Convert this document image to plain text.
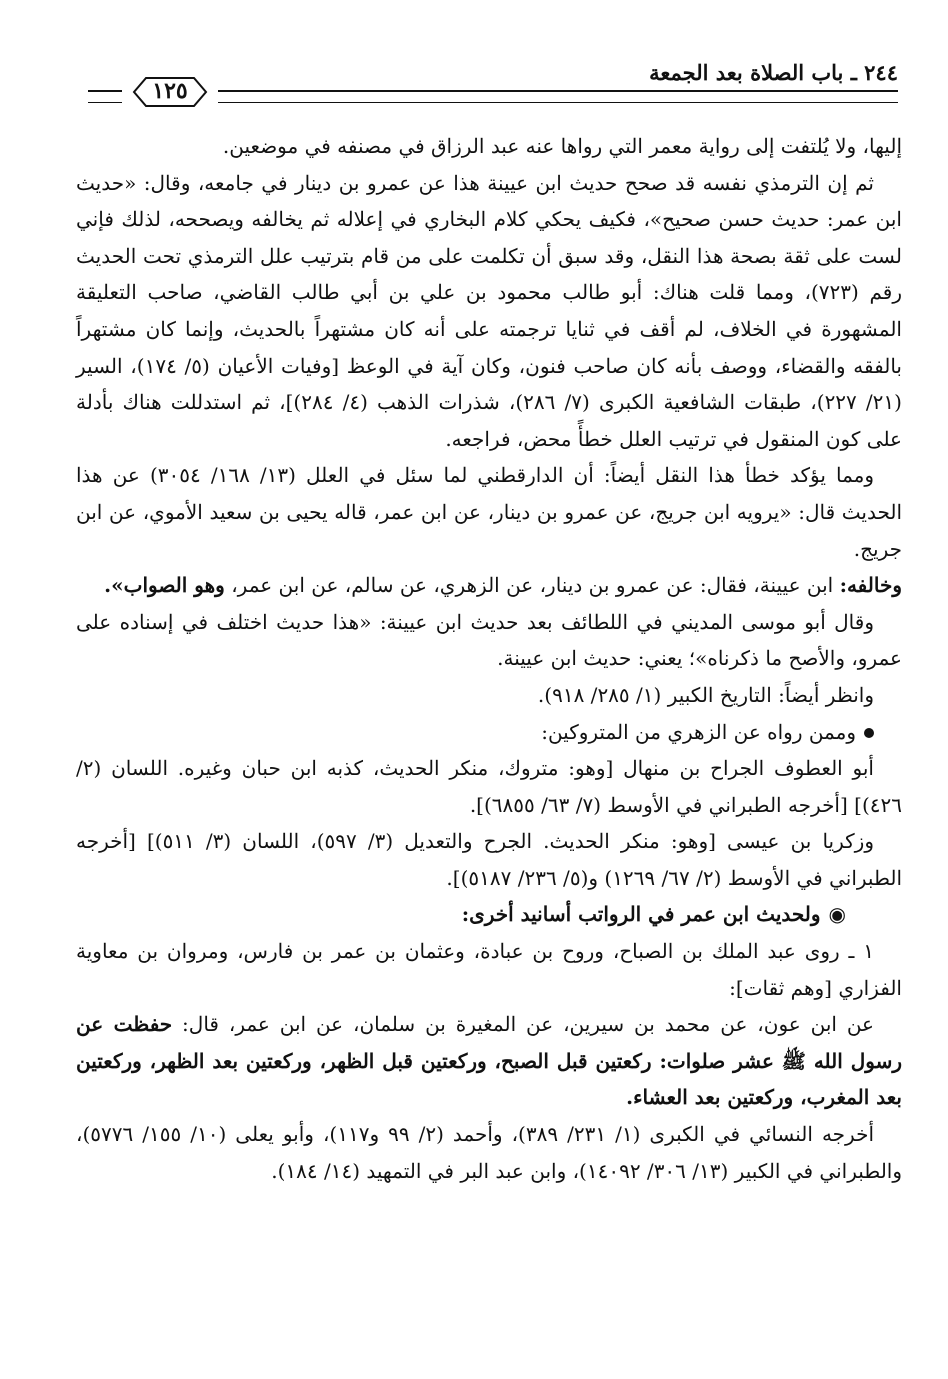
٢٤٤ ـ باب الصلاة بعد الجمعة
١٢٥

إليها، ولا يُلتفت إلى رواية معمر التي رواها عنه عبد الرزاق في مصنفه في موضعين.

ثم إن الترمذي نفسه قد صحح حديث ابن عيينة هذا عن عمرو بن دينار في جامعه، وقال: «حديث ابن عمر: حديث حسن صحيح»، فكيف يحكي كلام البخاري في إعلاله ثم يخالفه ويصححه، لذلك فإني لست على ثقة بصحة هذا النقل، وقد سبق أن تكلمت على من قام بترتيب علل الترمذي تحت الحديث رقم (٧٢٣)، ومما قلت هناك: أبو طالب محمود بن علي بن أبي طالب القاضي، صاحب التعليقة المشهورة في الخلاف، لم أقف في ثنايا ترجمته على أنه كان مشتهراً بالحديث، وإنما كان مشتهراً بالفقه والقضاء، ووصف بأنه كان صاحب فنون، وكان آية في الوعظ [وفيات الأعيان (٥/ ١٧٤)، السير (٢١/ ٢٢٧)، طبقات الشافعية الكبرى (٧/ ٢٨٦)، شذرات الذهب (٤/ ٢٨٤)]، ثم استدللت هناك بأدلة على كون المنقول في ترتيب العلل خطأً محض، فراجعه.

ومما يؤكد خطأ هذا النقل أيضاً: أن الدارقطني لما سئل في العلل (١٣/ ١٦٨/ ٣٠٥٤) عن هذا الحديث قال: «يرويه ابن جريج، عن عمرو بن دينار، عن ابن عمر، قاله يحيى بن سعيد الأموي، عن ابن جريج.

وخالفه: ابن عيينة، فقال: عن عمرو بن دينار، عن الزهري، عن سالم، عن ابن عمر، وهو الصواب».

وقال أبو موسى المديني في اللطائف بعد حديث ابن عيينة: «هذا حديث اختلف في إسناده على عمرو، والأصح ما ذكرناه»؛ يعني: حديث ابن عيينة.

وانظر أيضاً: التاريخ الكبير (١/ ٢٨٥/ ٩١٨).

وممن رواه عن الزهري من المتروكين:

أبو العطوف الجراح بن منهال [وهو: متروك، منكر الحديث، كذبه ابن حبان وغيره. اللسان (٢/ ٤٢٦)] [أخرجه الطبراني في الأوسط (٧/ ٦٣/ ٦٨٥٥)].

وزكريا بن عيسى [وهو: منكر الحديث. الجرح والتعديل (٣/ ٥٩٧)، اللسان (٣/ ٥١١)] [أخرجه الطبراني في الأوسط (٢/ ٦٧/ ١٢٦٩) و(٥/ ٢٣٦/ ٥١٨٧)].

◉ولحديث ابن عمر في الرواتب أسانيد أخرى:

١ ـ روى عبد الملك بن الصباح، وروح بن عبادة، وعثمان بن عمر بن فارس، ومروان بن معاوية الفزاري [وهم ثقات]:

عن ابن عون، عن محمد بن سيرين، عن المغيرة بن سلمان، عن ابن عمر، قال: حفظت عن رسول الله ﷺ عشر صلوات: ركعتين قبل الصبح، وركعتين قبل الظهر، وركعتين بعد الظهر، وركعتين بعد المغرب، وركعتين بعد العشاء.

أخرجه النسائي في الكبرى (١/ ٢٣١/ ٣٨٩)، وأحمد (٢/ ٩٩ و١١٧)، وأبو يعلى (١٠/ ١٥٥/ ٥٧٧٦)، والطبراني في الكبير (١٣/ ٣٠٦/ ١٤٠٩٢)، وابن عبد البر في التمهيد (١٤/ ١٨٤).
